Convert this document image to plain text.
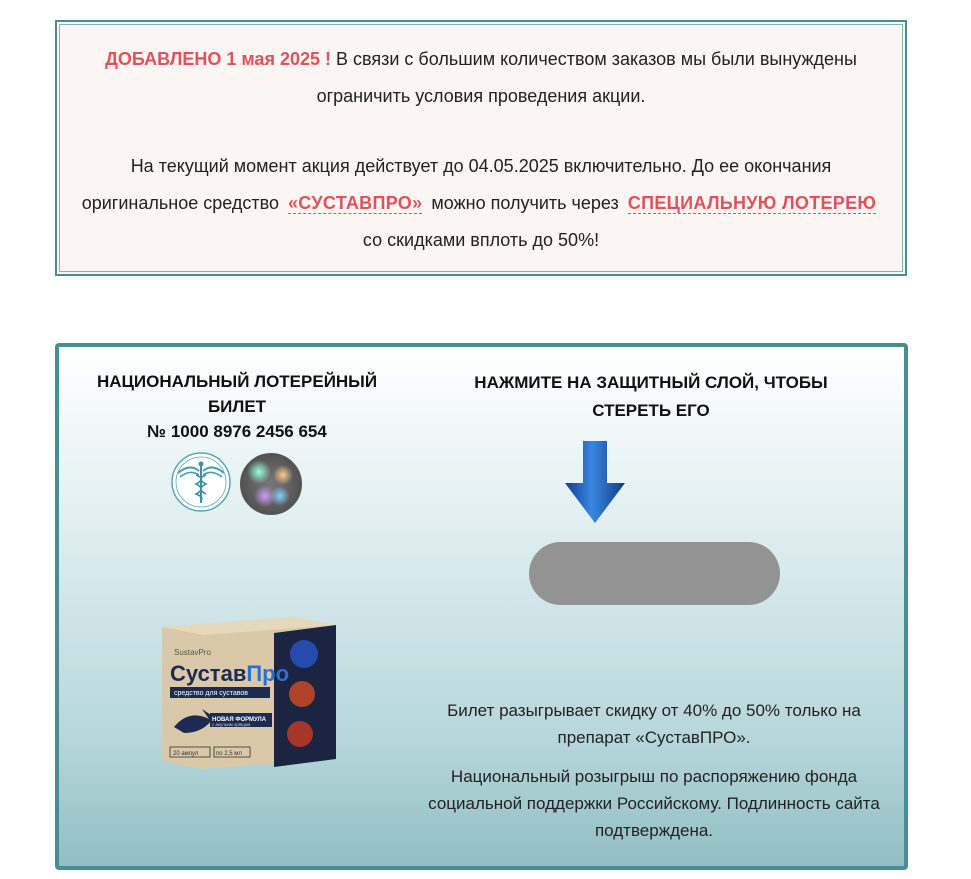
ДОБАВЛЕНО 1 мая 2025 ! В связи с большим количеством заказов мы были вынуждены ограничить условия проведения акции.

На текущий момент акция действует до 04.05.2025 включительно. До ее окончания оригинальное средство «СУСТАВПРО» можно получить через СПЕЦИАЛЬНУЮ ЛОТЕРЕЮ со скидками вплоть до 50%!

НАЦИОНАЛЬНЫЙ ЛОТЕРЕЙНЫЙ
БИЛЕТ
№ 1000 8976 2456 654
SustavPro
СуставПро
средство для суставов
НОВАЯ ФОРМУЛА
с акульим хрящом
20 ампул	по 2,5 мл
НАЖМИТЕ НА ЗАЩИТНЫЙ СЛОЙ, ЧТОБЫ СТЕРЕТЬ ЕГО
Билет разыгрывает скидку от 40% до 50% только на препарат «СуставПРО».
Национальный розыгрыш по распоряжению фонда социальной поддержки Российскому. Подлинность сайта подтверждена.
